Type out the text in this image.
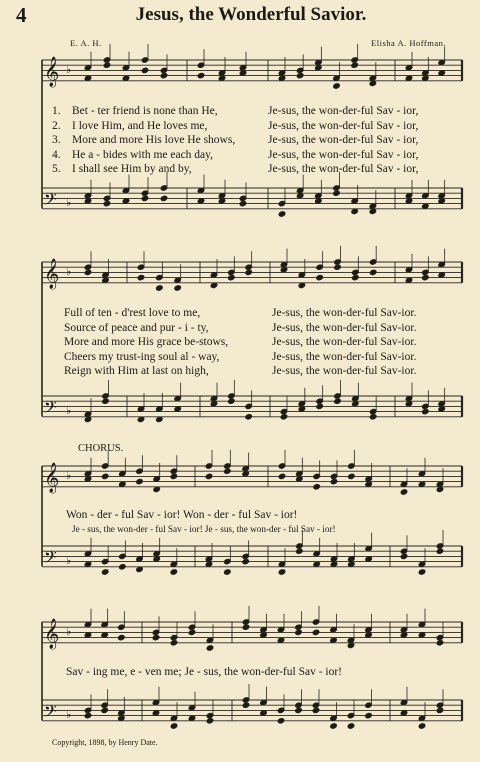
4	Jesus, the Wonderful Savior.
E. A. H.	Elisha A. Hoffman.
𝄞 ♭
𝄢 ♭
𝄞 ♭
𝄢 ♭
𝄞 ♭
𝄢 ♭
𝄞 ♭
𝄢 ♭
1. Bet - ter friend is none than He,	Je-sus, the won-der-ful Sav - ior,
2. I love Him, and He loves me,	Je-sus, the won-der-ful Sav - ior,
3. More and more His love He shows,	Je-sus, the won-der-ful Sav - ior,
4. He a - bides with me each day,	Je-sus, the won-der-ful Sav - ior,
5. I shall see Him by and by,	Je-sus, the won-der-ful Sav - ior,
Full of ten - d'rest love to me,	Je-sus, the won-der-ful Sav-ior.
Source of peace and pur - i - ty,	Je-sus, the won-der-ful Sav-ior.
More and more His grace be-stows,	Je-sus, the won-der-ful Sav-ior.
Cheers my trust-ing soul al - way,	Je-sus, the won-der-ful Sav-ior.
Reign with Him at last on high,	Je-sus, the won-der-ful Sav-ior.
CHORUS.
Won - der - ful Sav - ior! Won - der - ful Sav - ior!
Je - sus, the won-der - ful Sav - ior! Je - sus, the won-der - ful Sav - ior!
Sav - ing me, e - ven me; Je - sus, the won-der-ful Sav - ior!
Copyright, 1898, by Henry Date.
